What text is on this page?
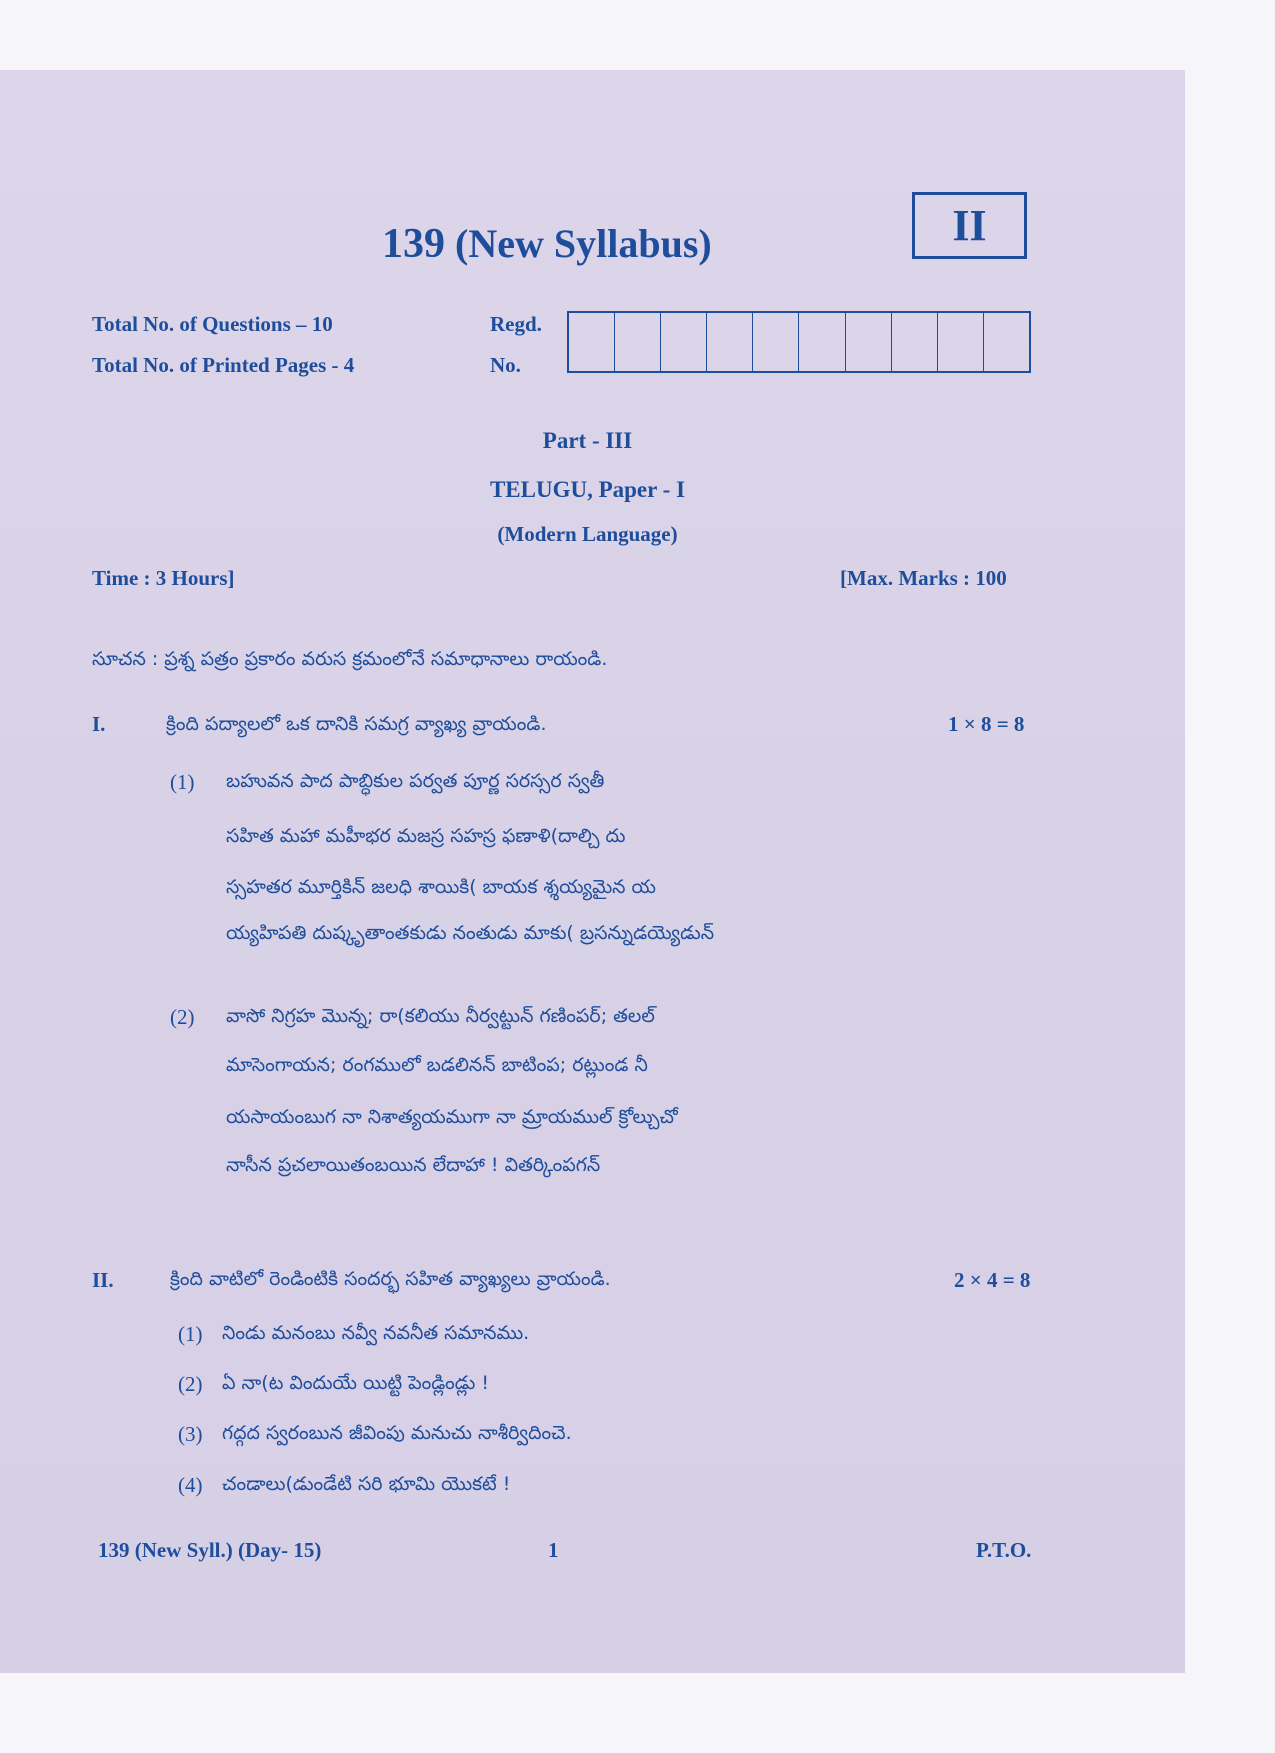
139 (New Syllabus)	II
Total No. of Questions – 10
Total No. of Printed Pages - 4
Regd.
No.
Part - III
TELUGU, Paper - I
(Modern Language)
Time : 3 Hours]	[Max. Marks : 100
సూచన : ప్రశ్న పత్రం ప్రకారం వరుస క్రమంలోనే సమాధానాలు రాయండి.
I.	క్రింది పద్యాలలో ఒక దానికి సమగ్ర వ్యాఖ్య వ్రాయండి.	1 × 8 = 8
(1) బహువన పాద పాబ్ధికుల పర్వత పూర్ణ సరస్సర స్వతీ
సహిత మహా మహీభర మజస్ర సహస్ర ఫణాళి(దాల్చి దు
స్సహతర మూర్తికిన్ జలధి శాయికి( బాయక శ్శయ్యమైన య
య్యహిపతి దుష్కృతాంతకుడు నంతుడు మాకు( బ్రసన్నుడయ్యెడున్
(2) వాసో నిగ్రహ మొన్న; రా(కలియు నీర్వట్టున్ గణింపర్; తలల్
మాసెంగాయన; రంగములో బడలినన్ బాటింప; రట్లుండ నీ
యసాయంబుగ నా నిశాత్యయముగా నా మ్రాయముల్ క్రోల్చుచో
నాసీన ప్రచలాయితంబయిన లేదాహా ! వితర్కింపగన్
II.	క్రింది వాటిలో రెండింటికి సందర్భ సహిత వ్యాఖ్యలు వ్రాయండి.	2 × 4 = 8
(1) నిండు మనంబు నవ్వీ నవనీత సమానము.
(2) ఏ నా(ట విందుయే యిట్టి పెండ్లిండ్లు !
(3) గద్గద స్వరంబున జీవింపు మనుచు నాశీర్విదించె.
(4) చండాలు(డుండేటి సరి భూమి యొకటే !
139 (New Syll.) (Day- 15)	1	P.T.O.
